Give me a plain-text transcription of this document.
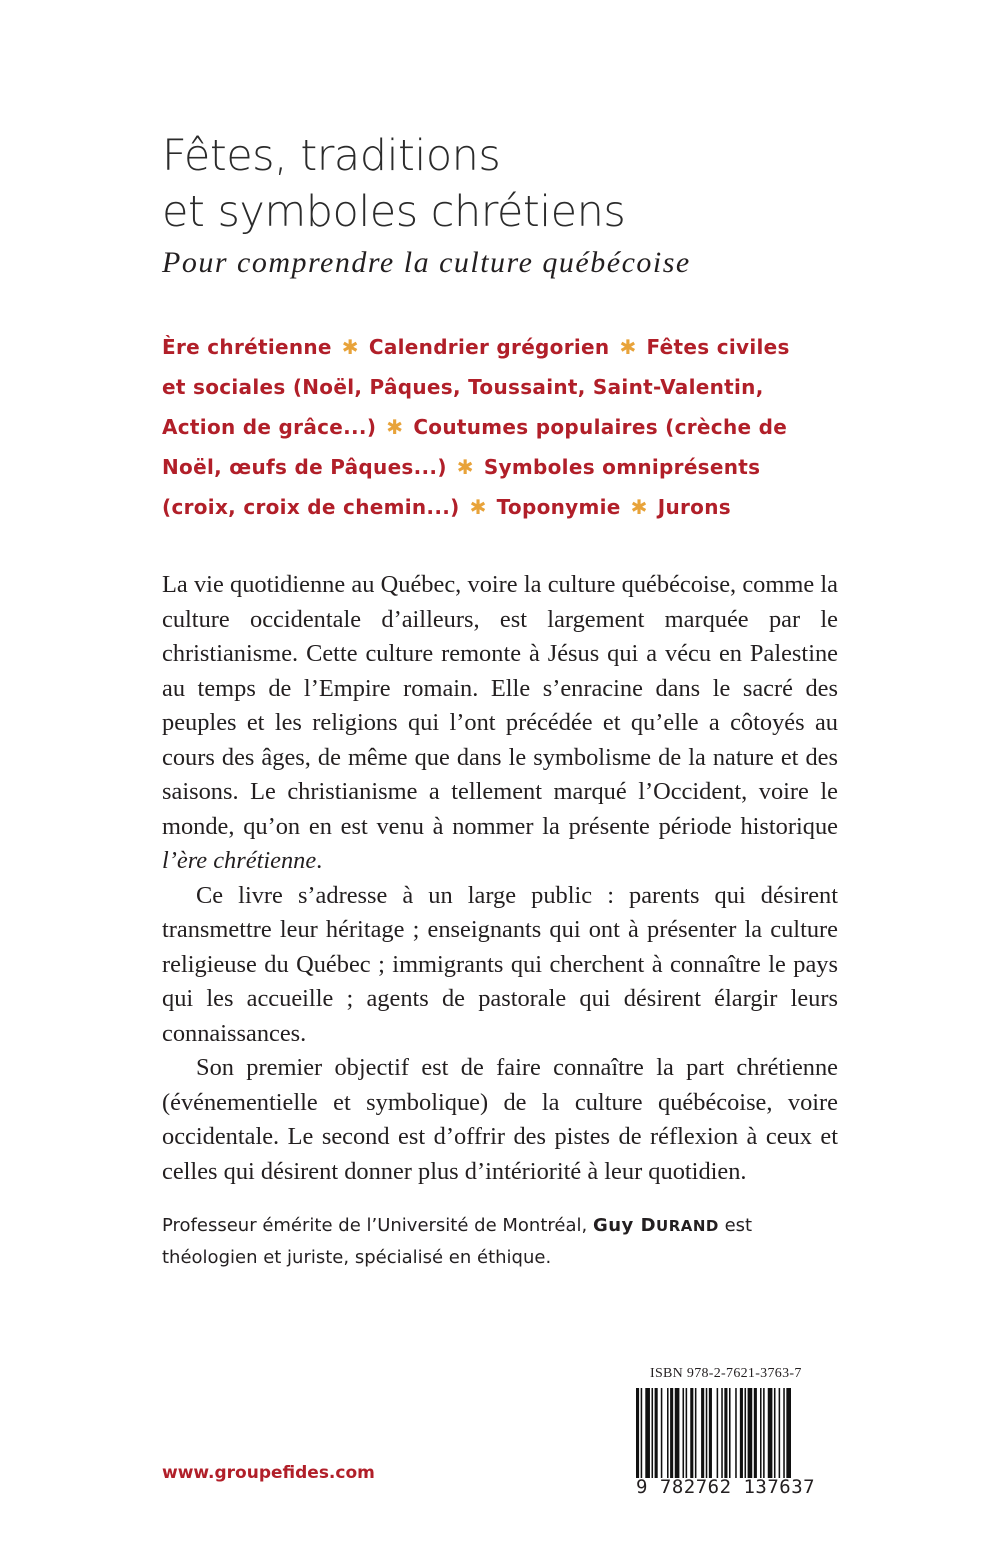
Fêtes, traditions
et symboles chrétiens

Pour comprendre la culture québécoise

Ère chrétienne ✱ Calendrier grégorien ✱ Fêtes civiles
et sociales (Noël, Pâques, Toussaint, Saint-Valentin,
Action de grâce...) ✱ Coutumes populaires (crèche de
Noël, œufs de Pâques...) ✱ Symboles omniprésents
(croix, croix de chemin...) ✱ Toponymie ✱ Jurons

La vie quotidienne au Québec, voire la culture québécoise, comme la culture occidentale d’ailleurs, est largement marquée par le christianisme. Cette culture remonte à Jésus qui a vécu en Palestine au temps de l’Empire romain. Elle s’enracine dans le sacré des peuples et les religions qui l’ont précédée et qu’elle a côtoyés au cours des âges, de même que dans le symbolisme de la nature et des saisons. Le christianisme a tellement marqué l’Occident, voire le monde, qu’on en est venu à nommer la présente période historique l’ère chrétienne.

Ce livre s’adresse à un large public : parents qui désirent transmettre leur héritage ; enseignants qui ont à présenter la culture religieuse du Québec ; immigrants qui cherchent à connaître le pays qui les accueille ; agents de pastorale qui désirent élargir leurs connaissances.

Son premier objectif est de faire connaître la part chrétienne (événementielle et symbolique) de la culture québécoise, voire occidentale. Le second est d’offrir des pistes de réflexion à ceux et celles qui désirent donner plus d’intériorité à leur quotidien.

Professeur émérite de l’Université de Montréal, Guy DURAND est théologien et juriste, spécialisé en éthique.
ISBN 978-2-7621-3763-7
9 782762 137637
www.groupefides.com
